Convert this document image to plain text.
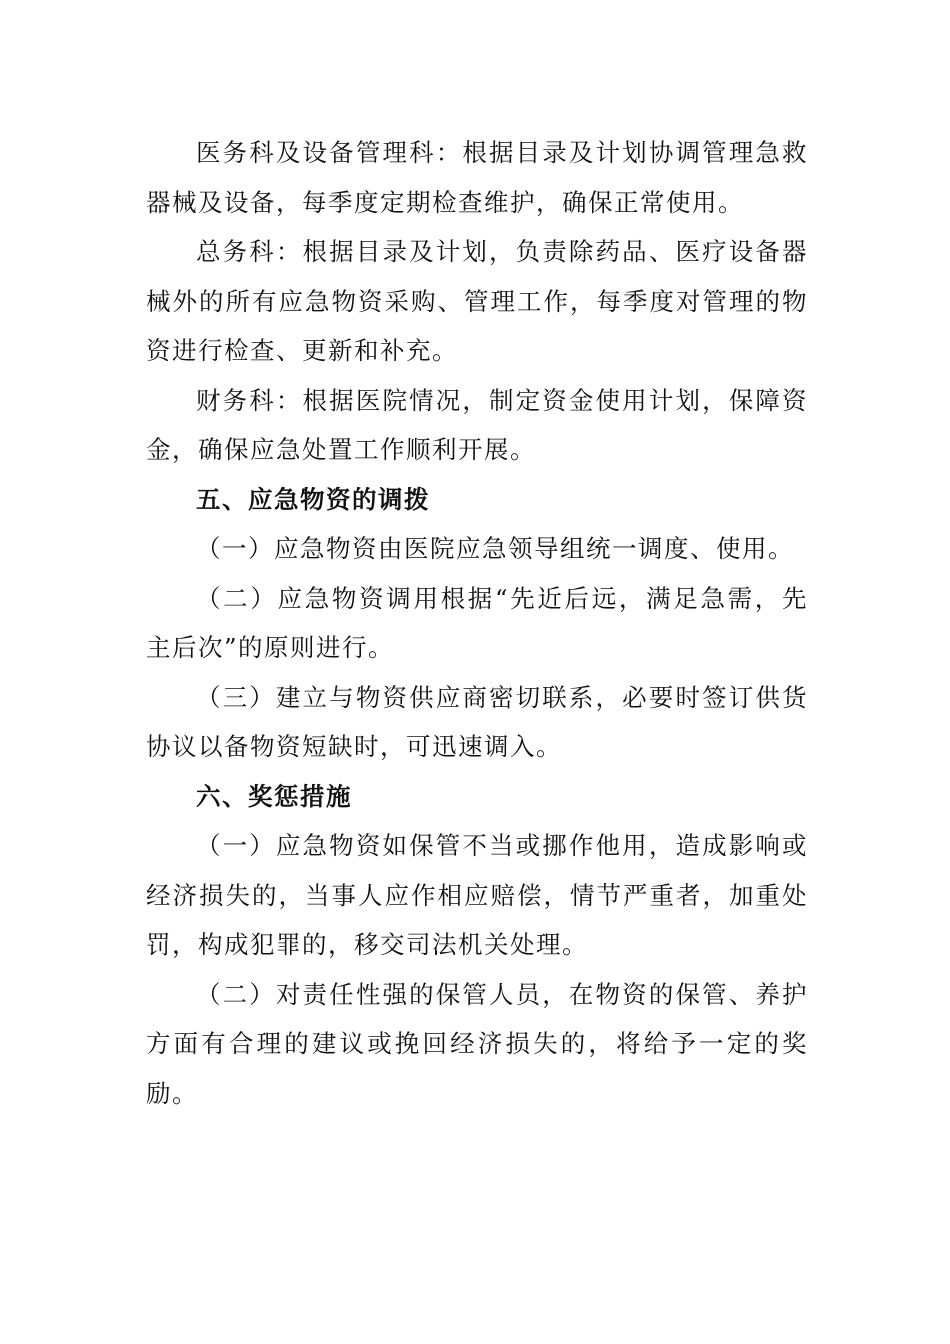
医务科及设备管理科：根据目录及计划协调管理急救器械及设备，每季度定期检查维护，确保正常使用。

总务科：根据目录及计划，负责除药品、医疗设备器械外的所有应急物资采购、管理工作，每季度对管理的物资进行检查、更新和补充。

财务科：根据医院情况，制定资金使用计划，保障资金，确保应急处置工作顺利开展。

五、应急物资的调拨

（一）应急物资由医院应急领导组统一调度、使用。

（二）应急物资调用根据“先近后远，满足急需，先主后次”的原则进行。

（三）建立与物资供应商密切联系，必要时签订供货协议以备物资短缺时，可迅速调入。

六、奖惩措施

（一）应急物资如保管不当或挪作他用，造成影响或经济损失的，当事人应作相应赔偿，情节严重者，加重处罚，构成犯罪的，移交司法机关处理。

（二）对责任性强的保管人员，在物资的保管、养护方面有合理的建议或挽回经济损失的，将给予一定的奖励。
